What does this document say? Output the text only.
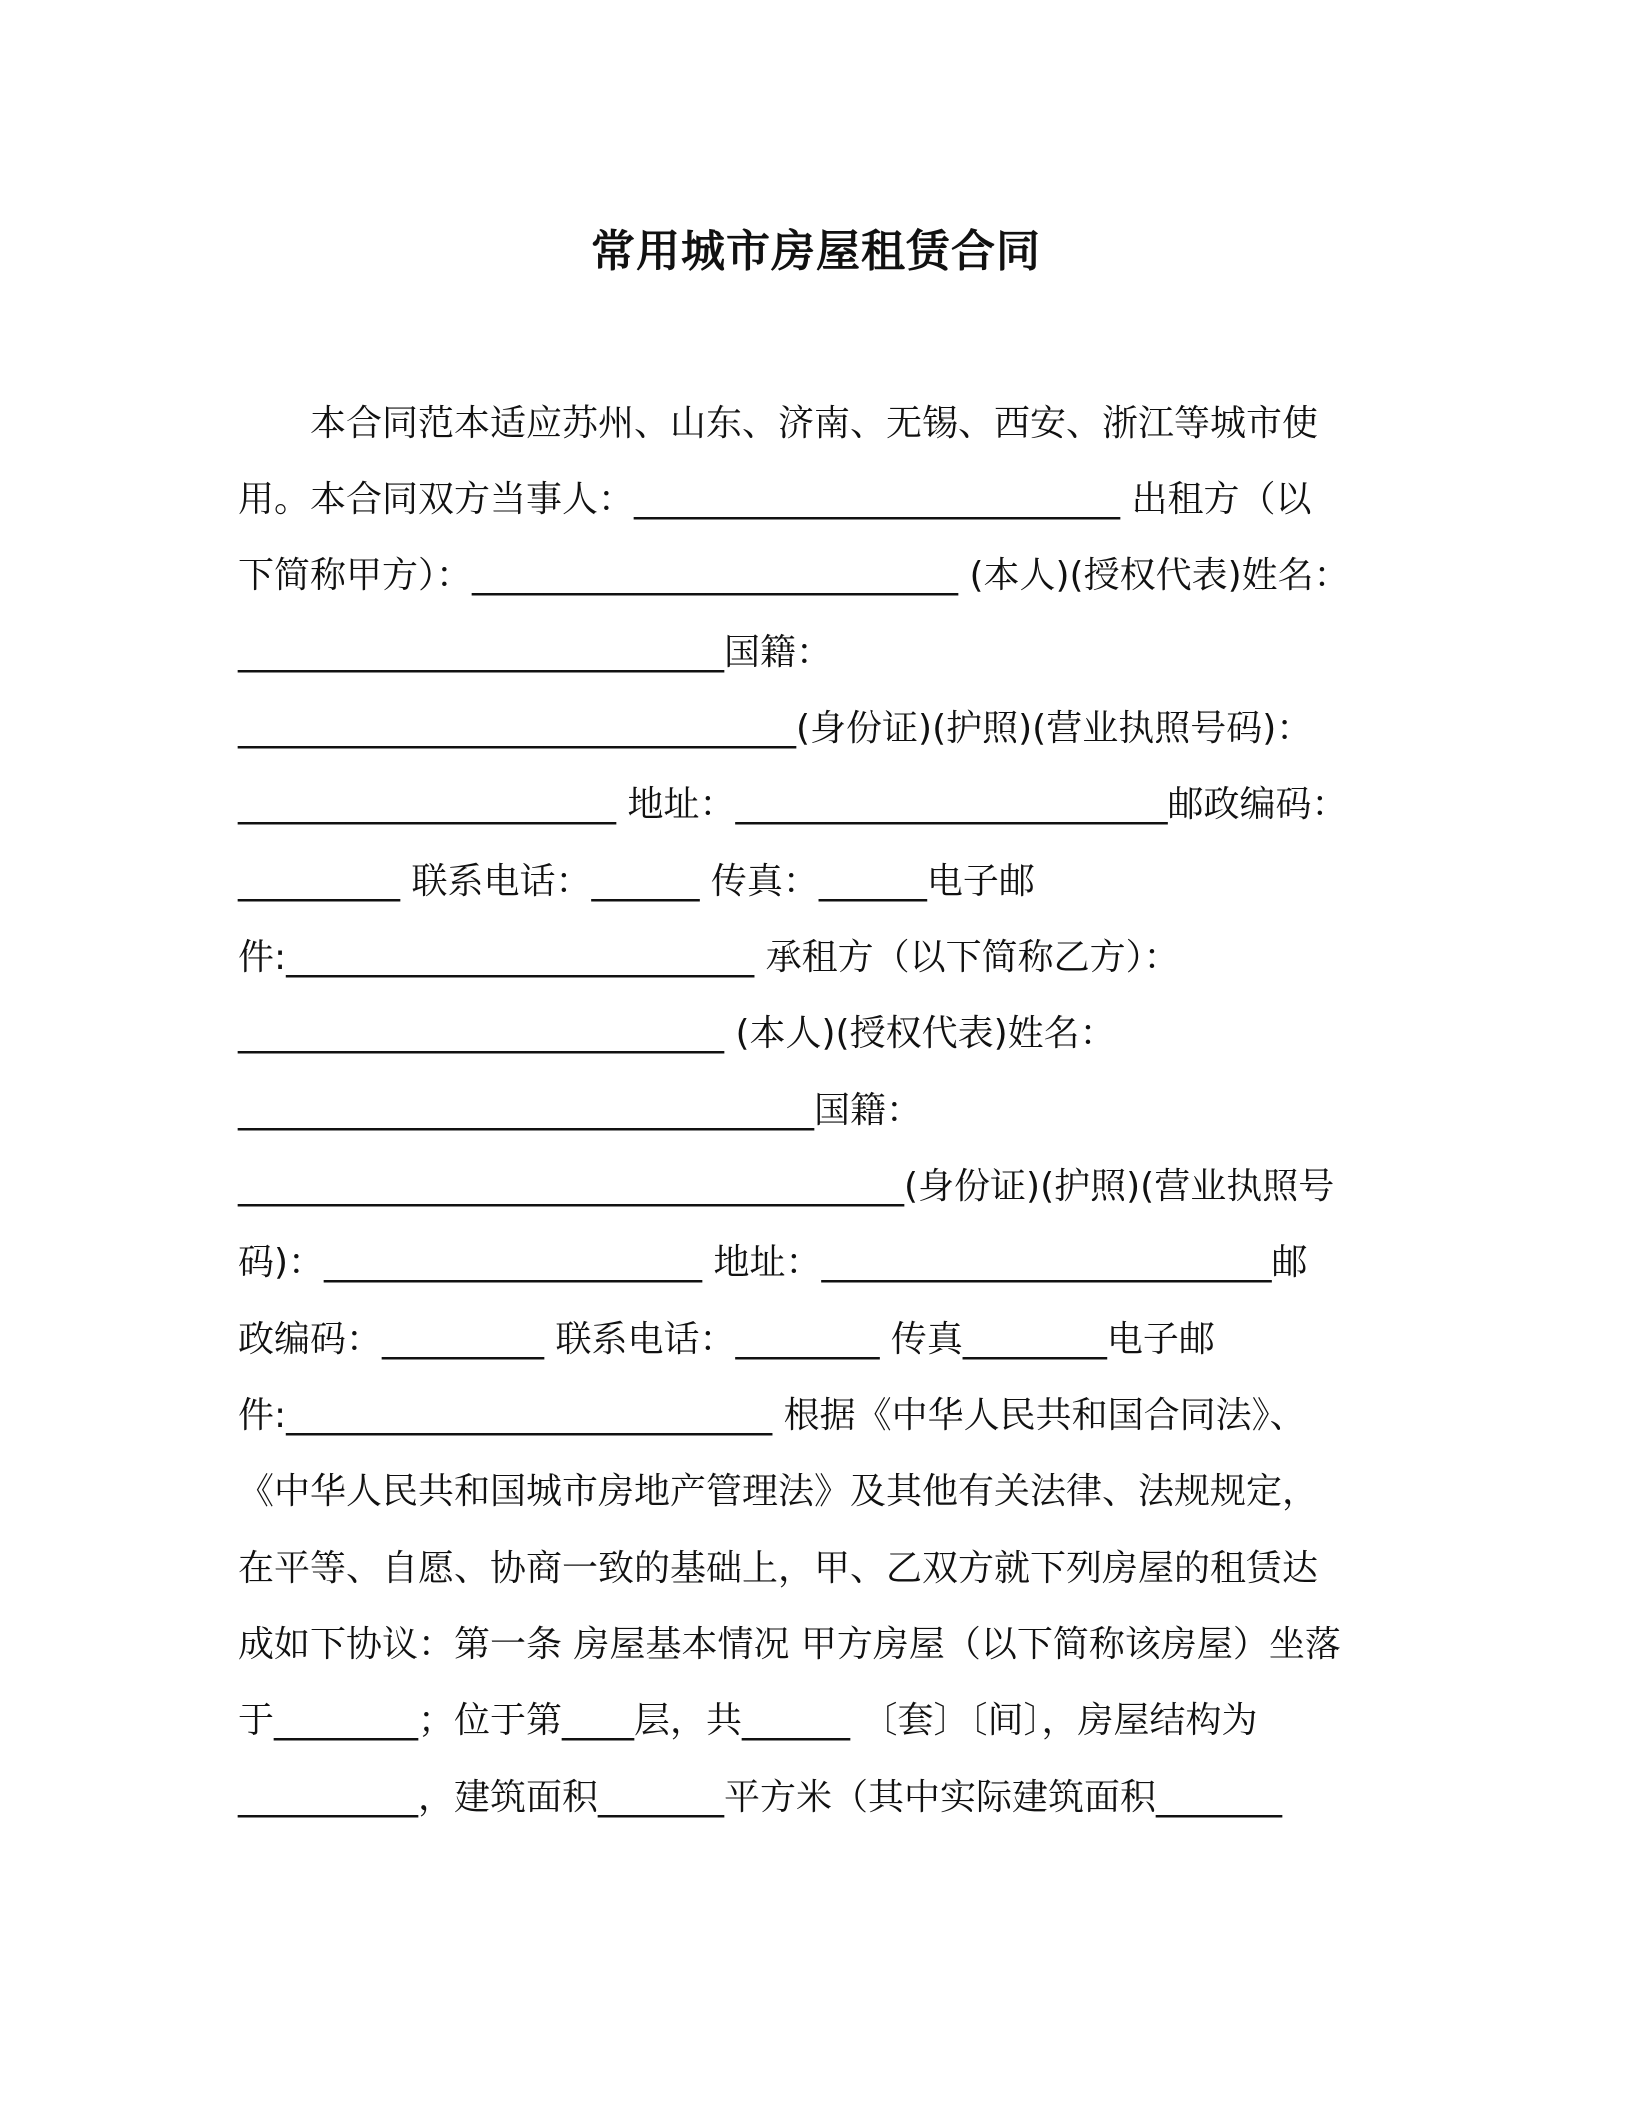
常用城市房屋租赁合同
　　本合同范本适应苏州、山东、济南、无锡、西安、浙江等城市使
用。本合同双方当事人：___________________________ 出租方（以
下简称甲方）：___________________________ (本人)(授权代表)姓名：
___________________________国籍：
_______________________________(身份证)(护照)(营业执照号码)：
_____________________ 地址：________________________邮政编码：
_________ 联系电话：______ 传真：______电子邮
件:__________________________ 承租方（以下简称乙方）：
___________________________ (本人)(授权代表)姓名：
________________________________国籍：
_____________________________________(身份证)(护照)(营业执照号
码)：_____________________ 地址：_________________________邮
政编码：_________ 联系电话：________ 传真________电子邮
件:___________________________ 根据《中华人民共和国合同法》、
《中华人民共和国城市房地产管理法》及其他有关法律、法规规定，
在平等、自愿、协商一致的基础上，甲、乙双方就下列房屋的租赁达
成如下协议：第一条 房屋基本情况 甲方房屋（以下简称该房屋）坐落
于________；位于第____层，共______ 〔套〕〔间〕，房屋结构为
__________，建筑面积_______平方米（其中实际建筑面积_______
